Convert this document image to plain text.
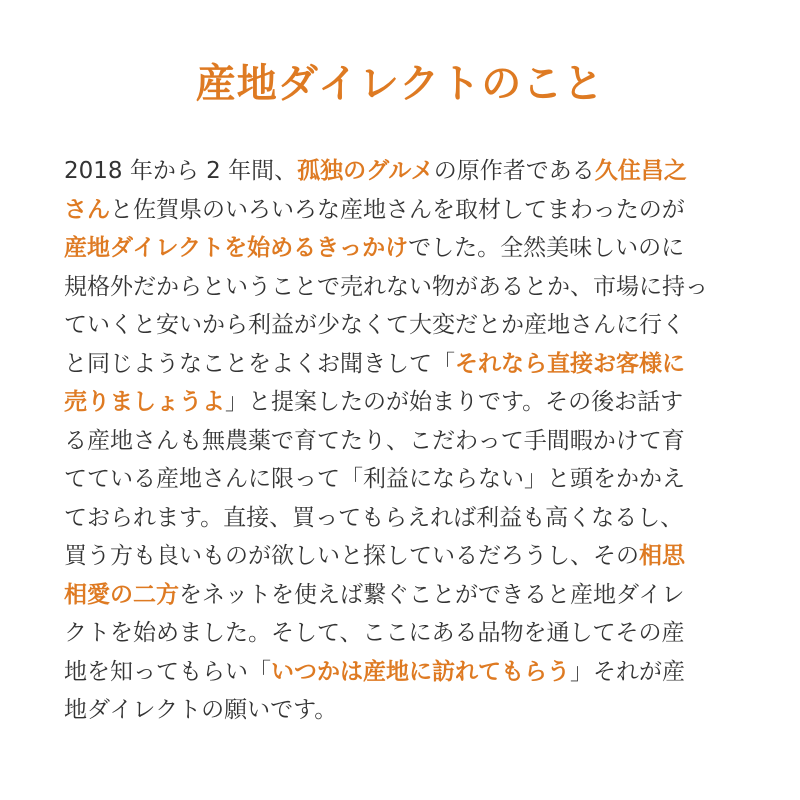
産地ダイレクトのこと
2018 年から 2 年間、孤独のグルメの原作者である久住昌之
さんと佐賀県のいろいろな産地さんを取材してまわったのが
産地ダイレクトを始めるきっかけでした。全然美味しいのに
規格外だからということで売れない物があるとか、市場に持っ
ていくと安いから利益が少なくて大変だとか産地さんに行く
と同じようなことをよくお聞きして「それなら直接お客様に
売りましょうよ」と提案したのが始まりです。その後お話す
る産地さんも無農薬で育てたり、こだわって手間暇かけて育
てている産地さんに限って「利益にならない」と頭をかかえ
ておられます。直接、買ってもらえれば利益も高くなるし、
買う方も良いものが欲しいと探しているだろうし、その相思
相愛の二方をネットを使えば繋ぐことができると産地ダイレ
クトを始めました。そして、ここにある品物を通してその産
地を知ってもらい「いつかは産地に訪れてもらう」それが産
地ダイレクトの願いです。
